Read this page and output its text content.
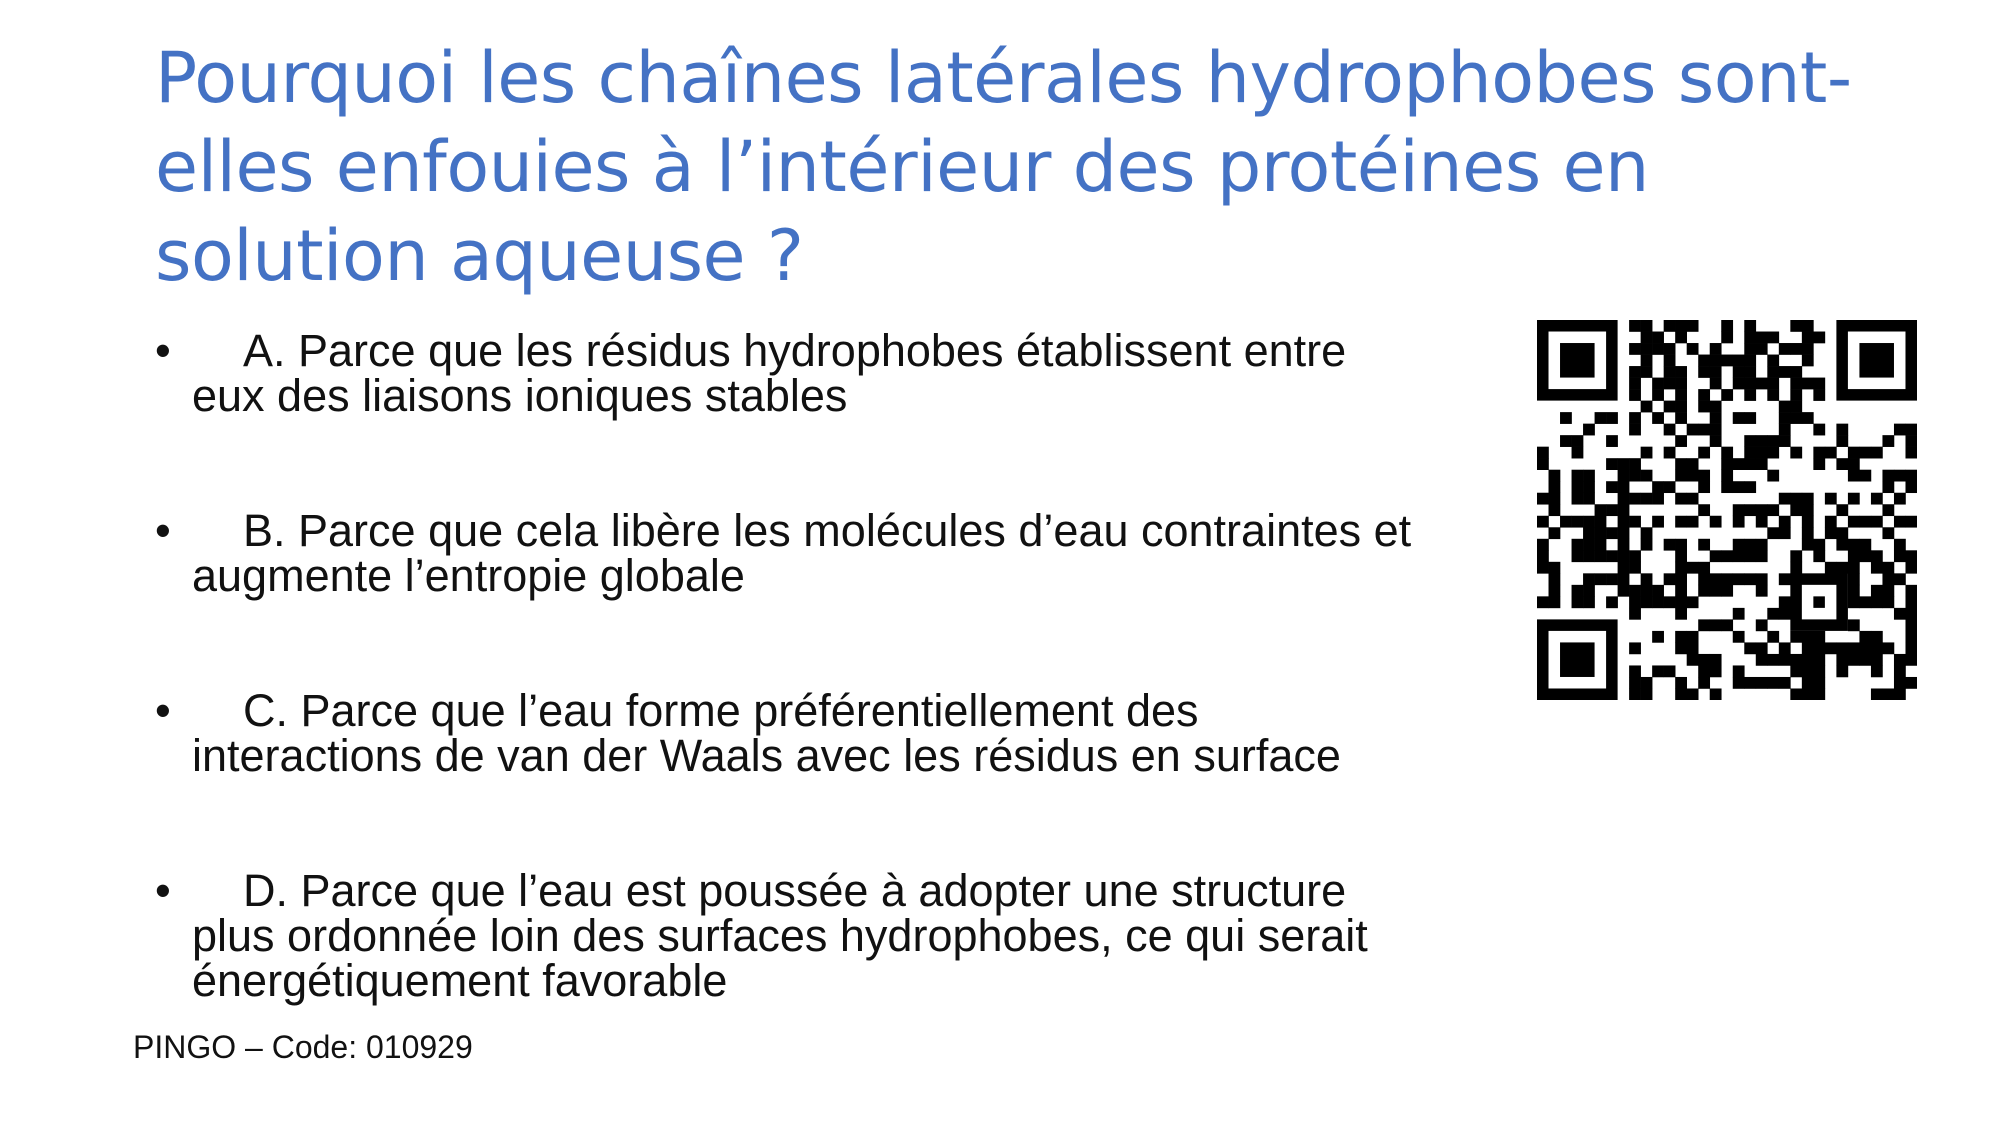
Pourquoi les chaînes latérales hydrophobes sont-
elles enfouies à l’intérieur des protéines en
solution aqueuse ?
•	A. Parce que les résidus hydrophobes établissent entre
eux des liaisons ioniques stables
•	B. Parce que cela libère les molécules d’eau contraintes et
augmente l’entropie globale
•	C. Parce que l’eau forme préférentiellement des
interactions de van der Waals avec les résidus en surface
•	D. Parce que l’eau est poussée à adopter une structure
plus ordonnée loin des surfaces hydrophobes, ce qui serait
énergétiquement favorable
PINGO – Code: 010929
